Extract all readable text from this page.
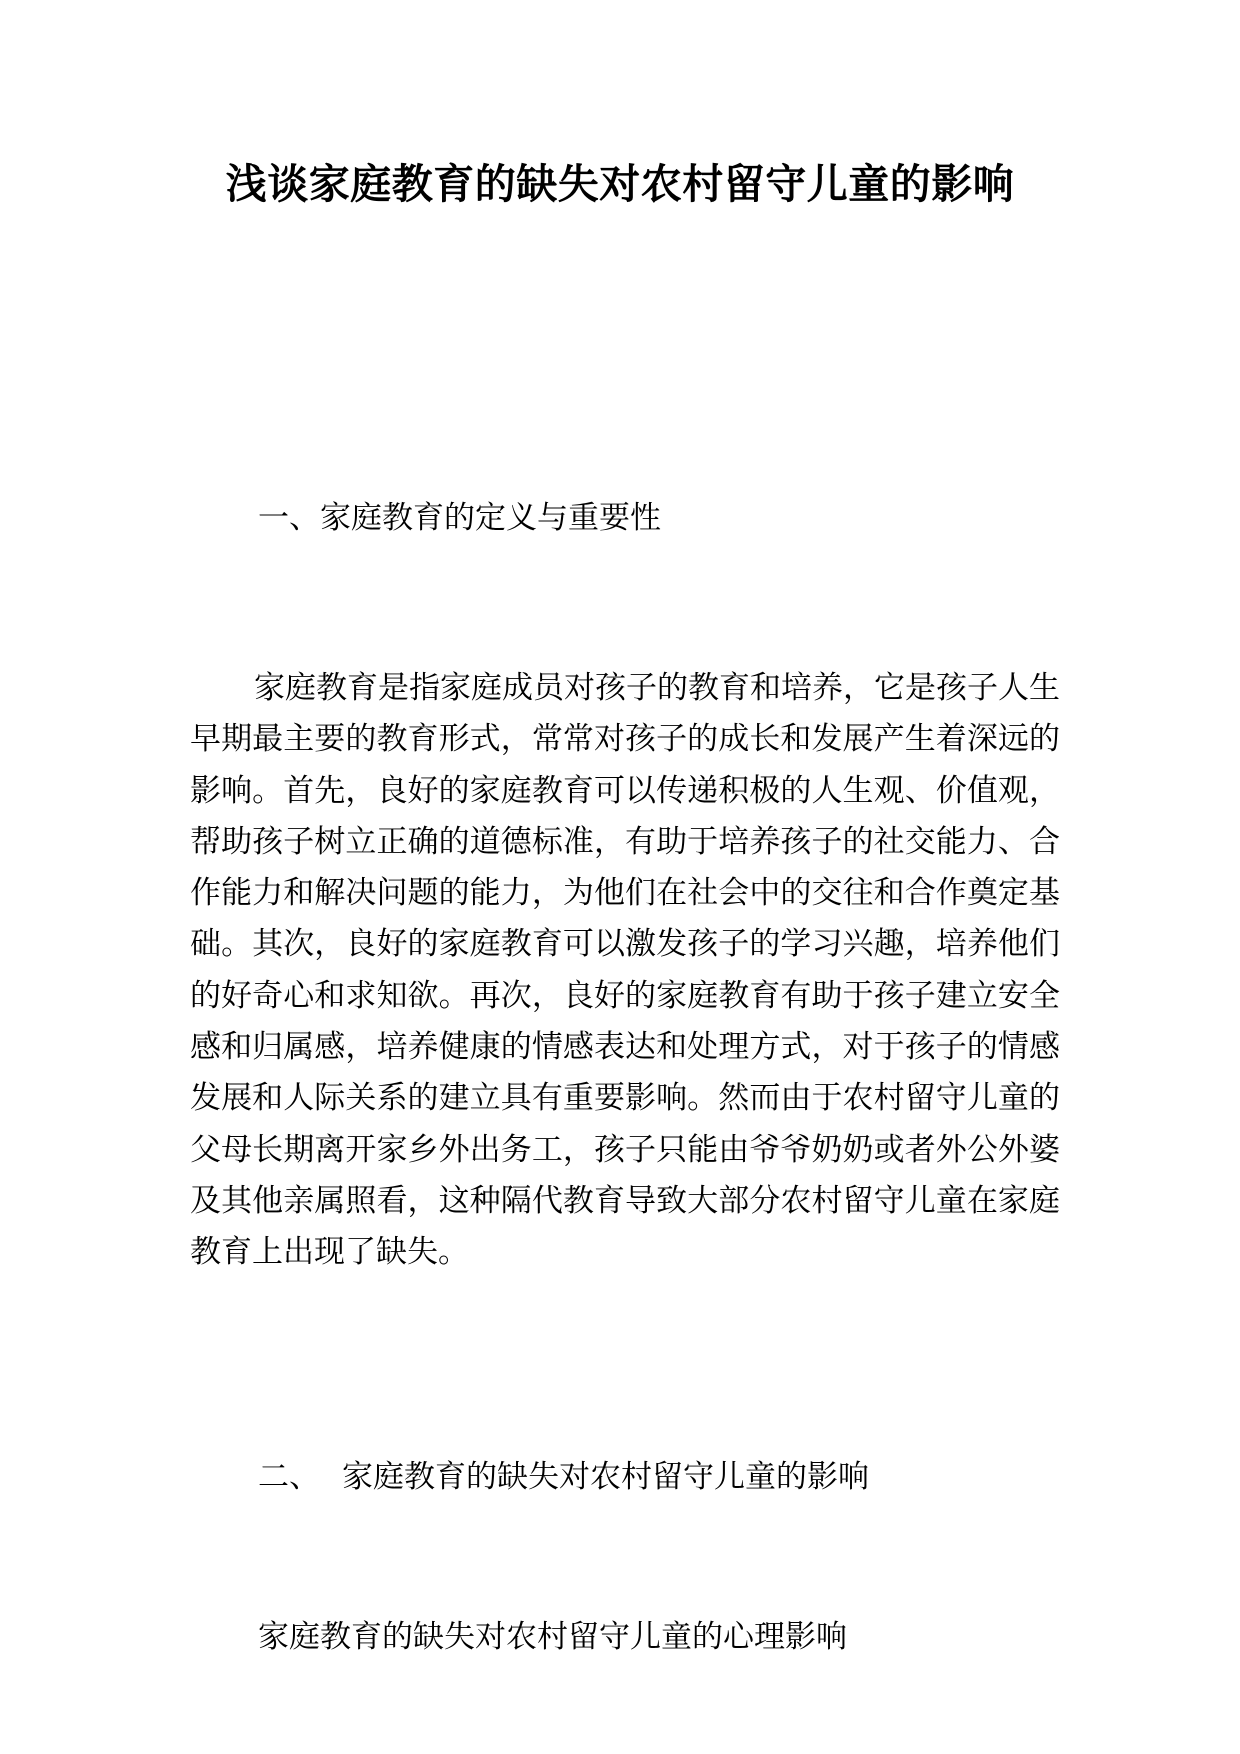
浅谈家庭教育的缺失对农村留守儿童的影响
一、家庭教育的定义与重要性

家庭教育是指家庭成员对孩子的教育和培养，它是孩子人生早期最主要的教育形式，常常对孩子的成长和发展产生着深远的影响。首先，良好的家庭教育可以传递积极的人生观、价值观，帮助孩子树立正确的道德标准，有助于培养孩子的社交能力、合作能力和解决问题的能力，为他们在社会中的交往和合作奠定基础。其次，良好的家庭教育可以激发孩子的学习兴趣，培养他们的好奇心和求知欲。再次，良好的家庭教育有助于孩子建立安全感和归属感，培养健康的情感表达和处理方式，对于孩子的情感发展和人际关系的建立具有重要影响。然而由于农村留守儿童的父母长期离开家乡外出务工，孩子只能由爷爷奶奶或者外公外婆及其他亲属照看，这种隔代教育导致大部分农村留守儿童在家庭教育上出现了缺失。

二、 家庭教育的缺失对农村留守儿童的影响
家庭教育的缺失对农村留守儿童的心理影响
